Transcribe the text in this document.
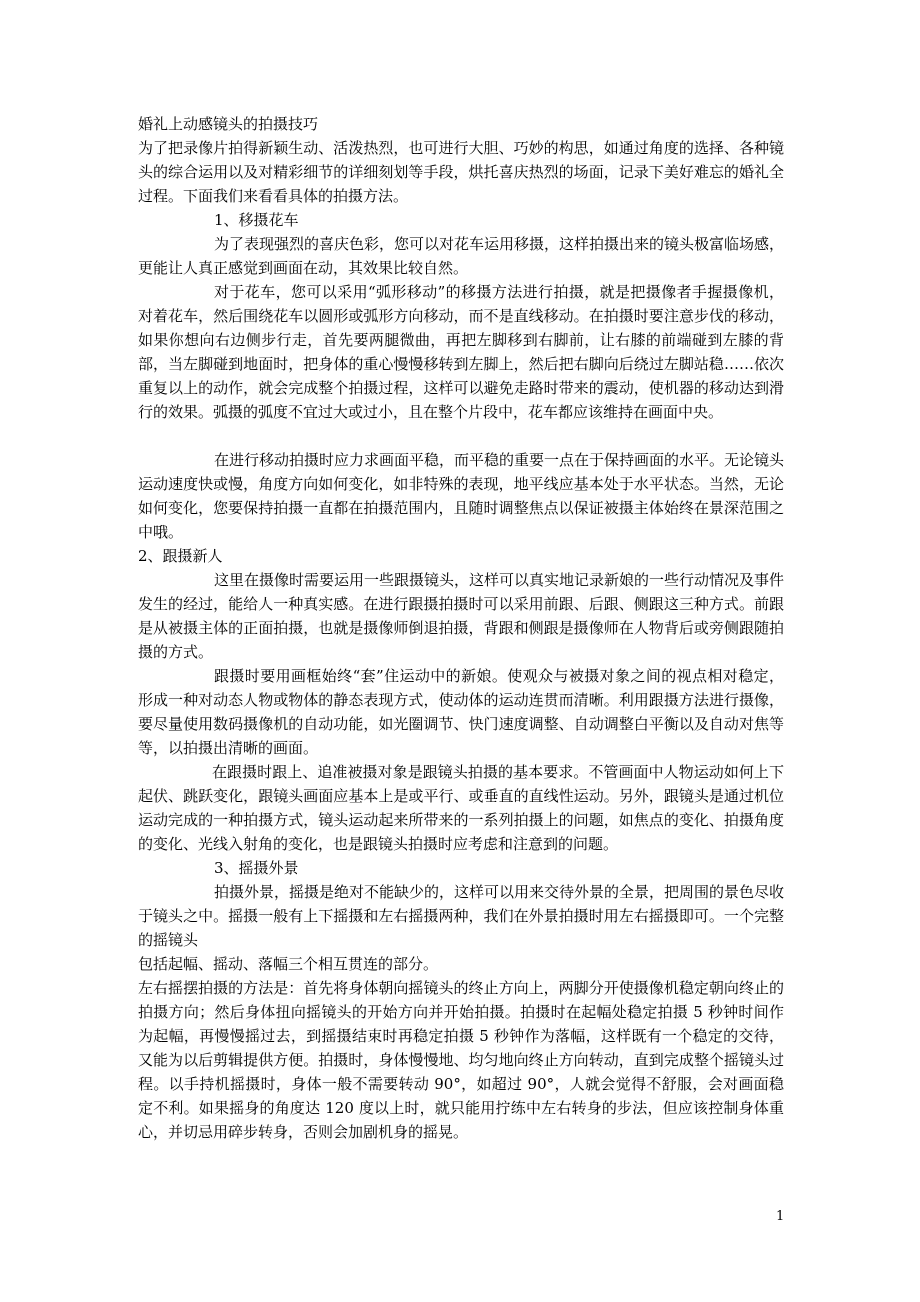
婚礼上动感镜头的拍摄技巧

为了把录像片拍得新颖生动、活泼热烈，也可进行大胆、巧妙的构思，如通过角度的选择、各种镜头的综合运用以及对精彩细节的详细刻划等手段，烘托喜庆热烈的场面，记录下美好难忘的婚礼全过程。下面我们来看看具体的拍摄方法。

1、移摄花车

为了表现强烈的喜庆色彩，您可以对花车运用移摄，这样拍摄出来的镜头极富临场感，更能让人真正感觉到画面在动，其效果比较自然。

对于花车，您可以采用“弧形移动”的移摄方法进行拍摄，就是把摄像者手握摄像机，对着花车，然后围绕花车以圆形或弧形方向移动，而不是直线移动。在拍摄时要注意步伐的移动，如果你想向右边侧步行走，首先要两腿微曲，再把左脚移到右脚前，让右膝的前端碰到左膝的背部，当左脚碰到地面时，把身体的重心慢慢移转到左脚上，然后把右脚向后绕过左脚站稳……依次重复以上的动作，就会完成整个拍摄过程，这样可以避免走路时带来的震动，使机器的移动达到滑行的效果。弧摄的弧度不宜过大或过小，且在整个片段中，花车都应该维持在画面中央。

在进行移动拍摄时应力求画面平稳，而平稳的重要一点在于保持画面的水平。无论镜头运动速度快或慢，角度方向如何变化，如非特殊的表现，地平线应基本处于水平状态。当然，无论如何变化，您要保持拍摄一直都在拍摄范围内，且随时调整焦点以保证被摄主体始终在景深范围之中哦。

2、跟摄新人

这里在摄像时需要运用一些跟摄镜头，这样可以真实地记录新娘的一些行动情况及事件发生的经过，能给人一种真实感。在进行跟摄拍摄时可以采用前跟、后跟、侧跟这三种方式。前跟是从被摄主体的正面拍摄，也就是摄像师倒退拍摄，背跟和侧跟是摄像师在人物背后或旁侧跟随拍摄的方式。

跟摄时要用画框始终“套”住运动中的新娘。使观众与被摄对象之间的视点相对稳定，形成一种对动态人物或物体的静态表现方式，使动体的运动连贯而清晰。利用跟摄方法进行摄像，要尽量使用数码摄像机的自动功能，如光圈调节、快门速度调整、自动调整白平衡以及自动对焦等等，以拍摄出清晰的画面。

在跟摄时跟上、追准被摄对象是跟镜头拍摄的基本要求。不管画面中人物运动如何上下起伏、跳跃变化，跟镜头画面应基本上是或平行、或垂直的直线性运动。另外，跟镜头是通过机位运动完成的一种拍摄方式，镜头运动起来所带来的一系列拍摄上的问题，如焦点的变化、拍摄角度的变化、光线入射角的变化，也是跟镜头拍摄时应考虑和注意到的问题。

3、摇摄外景

拍摄外景，摇摄是绝对不能缺少的，这样可以用来交待外景的全景，把周围的景色尽收于镜头之中。摇摄一般有上下摇摄和左右摇摄两种，我们在外景拍摄时用左右摇摄即可。一个完整的摇镜头

包括起幅、摇动、落幅三个相互贯连的部分。

左右摇摆拍摄的方法是：首先将身体朝向摇镜头的终止方向上，两脚分开使摄像机稳定朝向终止的拍摄方向；然后身体扭向摇镜头的开始方向并开始拍摄。拍摄时在起幅处稳定拍摄 5 秒钟时间作为起幅，再慢慢摇过去，到摇摄结束时再稳定拍摄 5 秒钟作为落幅，这样既有一个稳定的交待，又能为以后剪辑提供方便。拍摄时，身体慢慢地、均匀地向终止方向转动，直到完成整个摇镜头过程。以手持机摇摄时，身体一般不需要转动 90°，如超过 90°，人就会觉得不舒服，会对画面稳定不利。如果摇身的角度达 120 度以上时，就只能用拧练中左右转身的步法，但应该控制身体重心，并切忌用碎步转身，否则会加剧机身的摇晃。

1
